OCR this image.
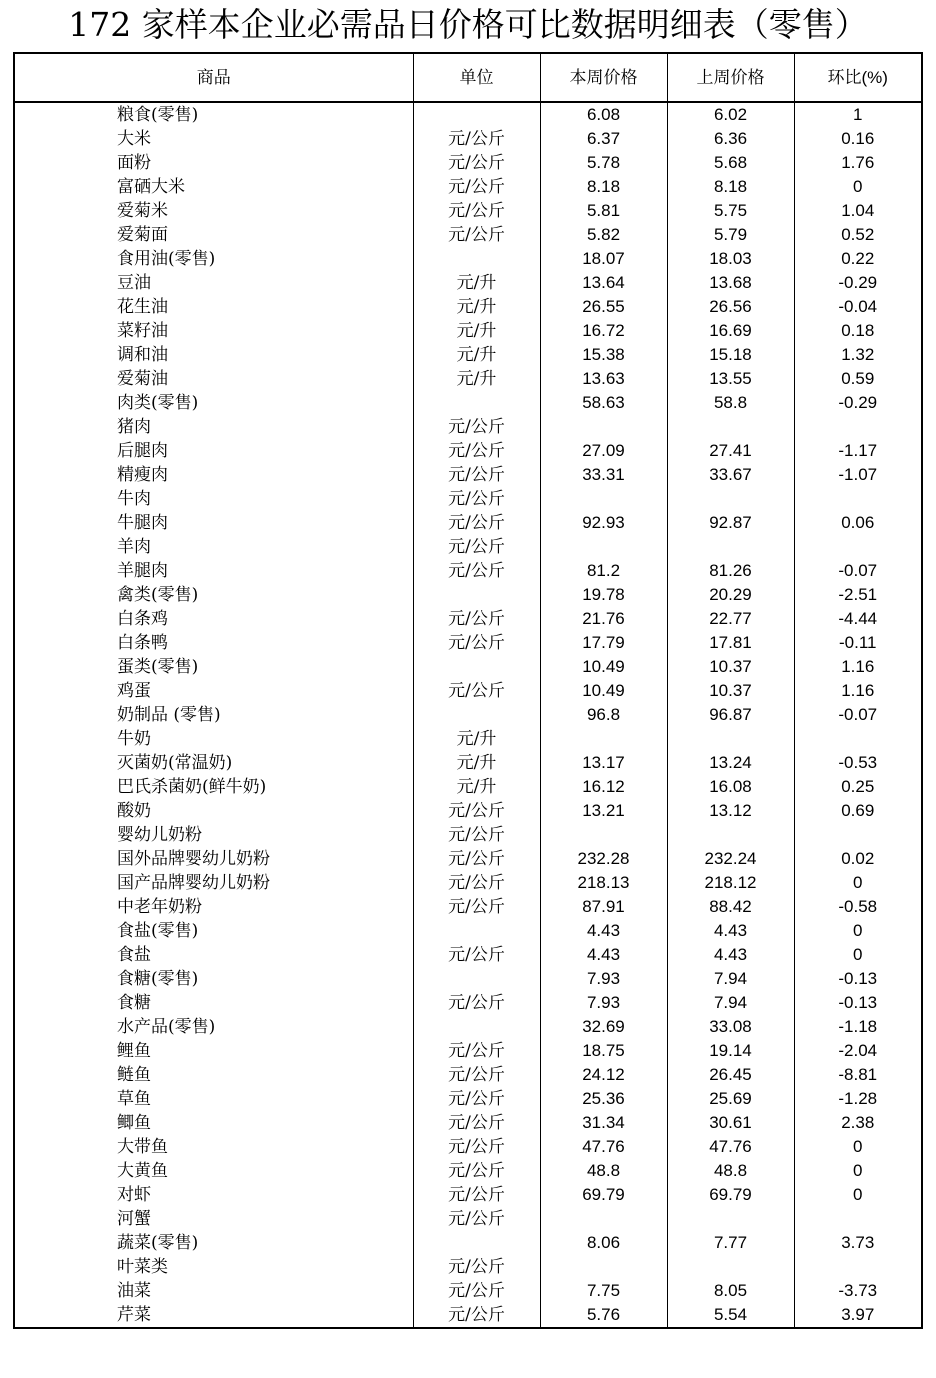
172 家样本企业必需品日价格可比数据明细表（零售）
商品	单位	本周价格	上周价格	环比(%)
粮食(零售)		6.08	6.02	1
大米	元/公斤	6.37	6.36	0.16
面粉	元/公斤	5.78	5.68	1.76
富硒大米	元/公斤	8.18	8.18	0
爱菊米	元/公斤	5.81	5.75	1.04
爱菊面	元/公斤	5.82	5.79	0.52
食用油(零售)		18.07	18.03	0.22
豆油	元/升	13.64	13.68	-0.29
花生油	元/升	26.55	26.56	-0.04
菜籽油	元/升	16.72	16.69	0.18
调和油	元/升	15.38	15.18	1.32
爱菊油	元/升	13.63	13.55	0.59
肉类(零售)		58.63	58.8	-0.29
猪肉	元/公斤			
后腿肉	元/公斤	27.09	27.41	-1.17
精瘦肉	元/公斤	33.31	33.67	-1.07
牛肉	元/公斤			
牛腿肉	元/公斤	92.93	92.87	0.06
羊肉	元/公斤			
羊腿肉	元/公斤	81.2	81.26	-0.07
禽类(零售)		19.78	20.29	-2.51
白条鸡	元/公斤	21.76	22.77	-4.44
白条鸭	元/公斤	17.79	17.81	-0.11
蛋类(零售)		10.49	10.37	1.16
鸡蛋	元/公斤	10.49	10.37	1.16
奶制品 (零售)		96.8	96.87	-0.07
牛奶	元/升			
灭菌奶(常温奶)	元/升	13.17	13.24	-0.53
巴氏杀菌奶(鲜牛奶)	元/升	16.12	16.08	0.25
酸奶	元/公斤	13.21	13.12	0.69
婴幼儿奶粉	元/公斤			
国外品牌婴幼儿奶粉	元/公斤	232.28	232.24	0.02
国产品牌婴幼儿奶粉	元/公斤	218.13	218.12	0
中老年奶粉	元/公斤	87.91	88.42	-0.58
食盐(零售)		4.43	4.43	0
食盐	元/公斤	4.43	4.43	0
食糖(零售)		7.93	7.94	-0.13
食糖	元/公斤	7.93	7.94	-0.13
水产品(零售)		32.69	33.08	-1.18
鲤鱼	元/公斤	18.75	19.14	-2.04
鲢鱼	元/公斤	24.12	26.45	-8.81
草鱼	元/公斤	25.36	25.69	-1.28
鲫鱼	元/公斤	31.34	30.61	2.38
大带鱼	元/公斤	47.76	47.76	0
大黄鱼	元/公斤	48.8	48.8	0
对虾	元/公斤	69.79	69.79	0
河蟹	元/公斤			
蔬菜(零售)		8.06	7.77	3.73
叶菜类	元/公斤			
油菜	元/公斤	7.75	8.05	-3.73
芹菜	元/公斤	5.76	5.54	3.97
